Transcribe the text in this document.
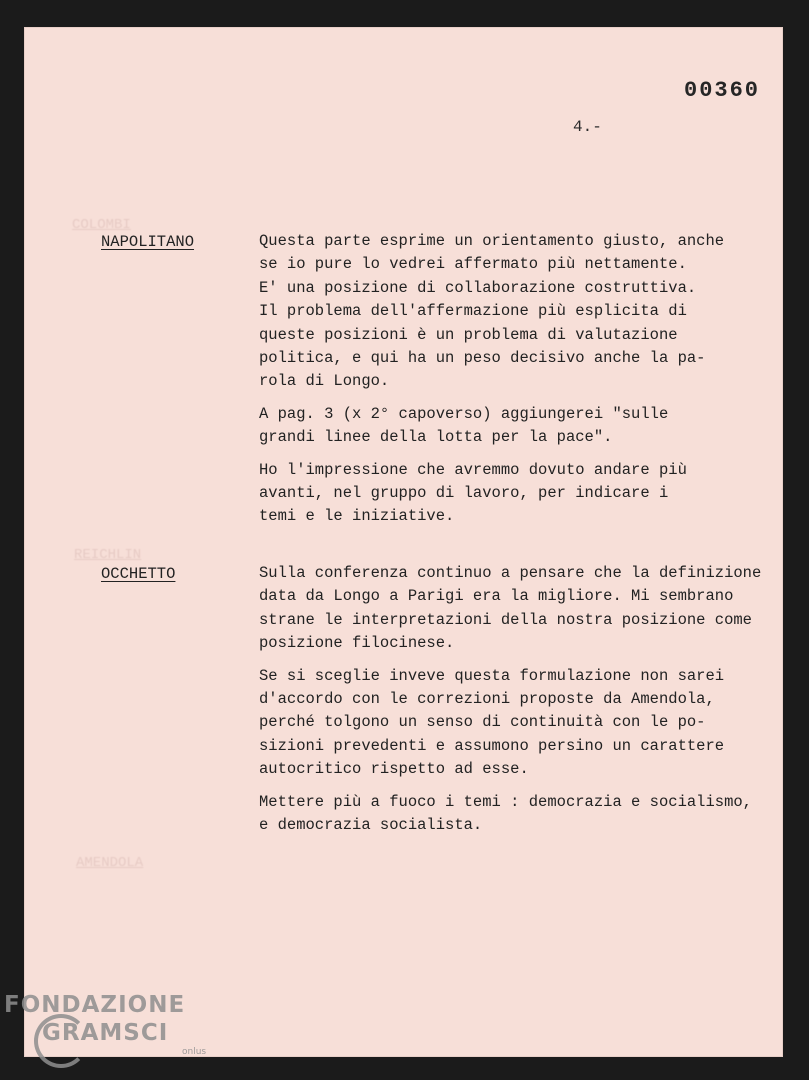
COLOMBI
REICHLIN
AMENDOLA
00360
4.-
NAPOLITANO	Questa parte esprime un orientamento giusto, anche
se io pure lo vedrei affermato più nettamente.
E' una posizione di collaborazione costruttiva.
Il problema dell'affermazione più esplicita di
queste posizioni è un problema di valutazione
politica, e qui ha un peso decisivo anche la pa-
rola di Longo.

A pag. 3 (x 2° capoverso) aggiungerei "sulle
grandi linee della lotta per la pace".

Ho l'impressione che avremmo dovuto andare più
avanti, nel gruppo di lavoro, per indicare i
temi e le iniziative.

OCCHETTO	Sulla conferenza continuo a pensare che la definizione
data da Longo a Parigi era la migliore. Mi sembrano
strane le interpretazioni della nostra posizione come
posizione filocinese.

Se si sceglie inveve questa formulazione non sarei
d'accordo con le correzioni proposte da Amendola,
perché tolgono un senso di continuità con le po-
sizioni prevedenti e assumono persino un carattere
autocritico rispetto ad esse.

Mettere più a fuoco i temi : democrazia e socialismo,
e democrazia socialista.

FONDAZIONE
GRAMSCI
onlus
